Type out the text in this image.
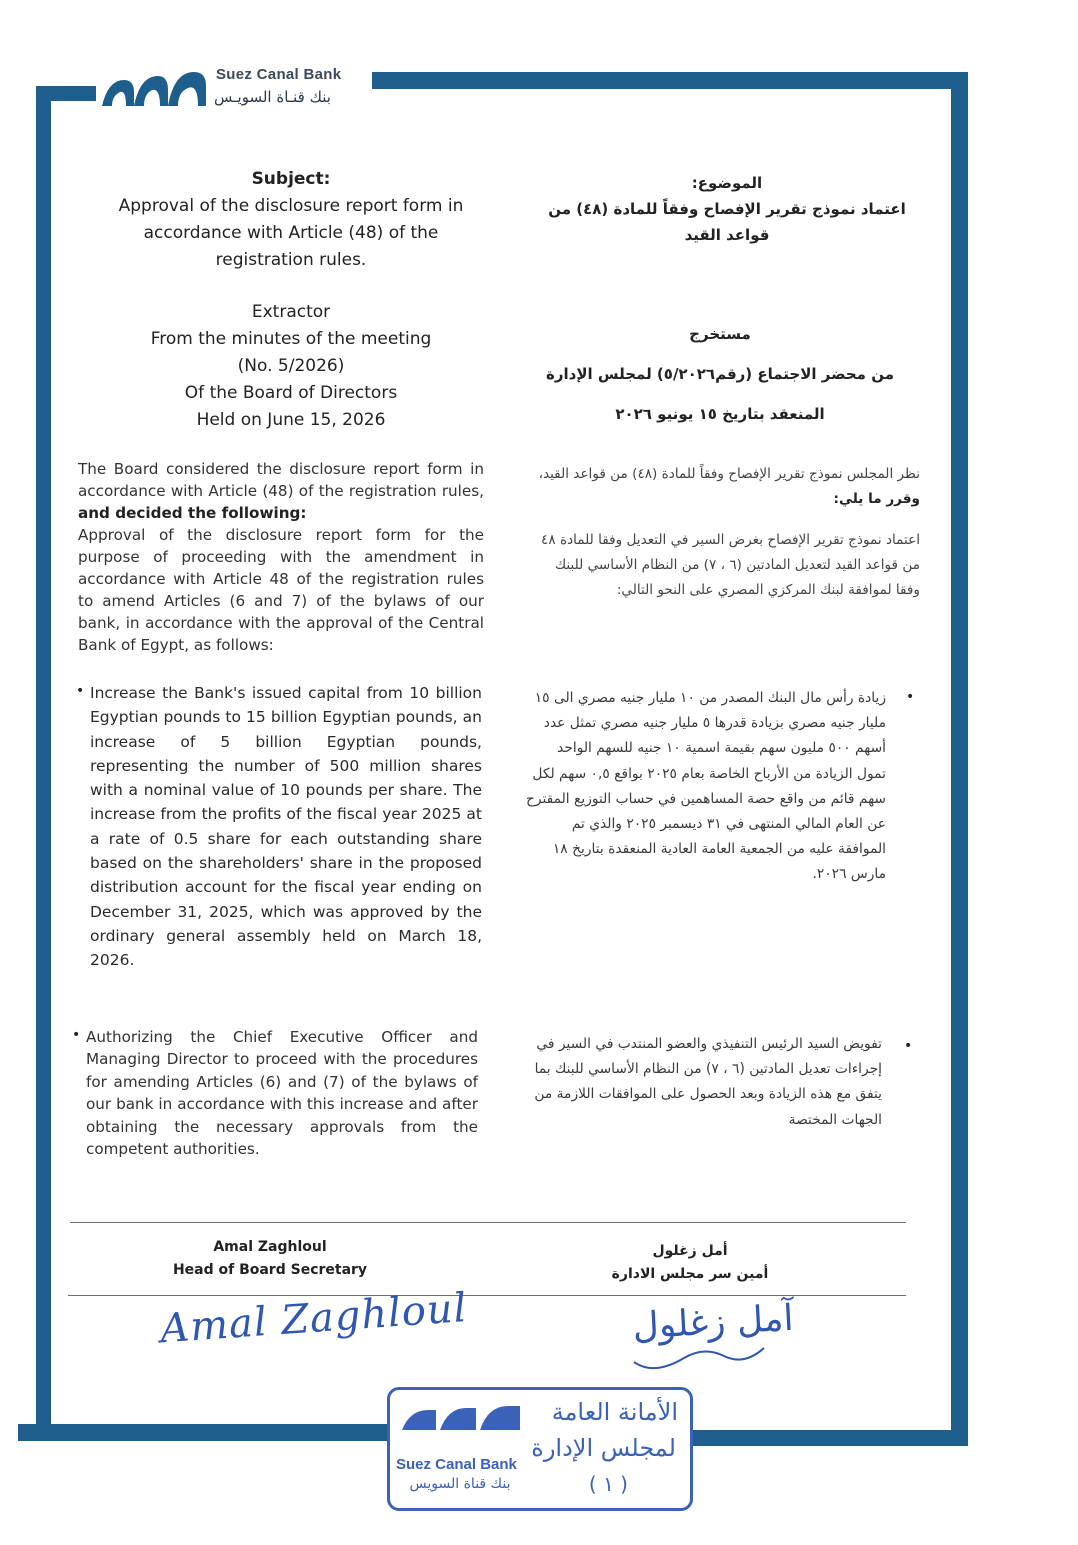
Suez Canal Bank
بنك قنـاة السويـس
Subject:
Approval of the disclosure report form in
accordance with Article (48) of the
registration rules.
الموضوع:
اعتماد نموذج تقرير الإفصاح وفقاً للمادة (٤٨) من
قواعد القيد
Extractor
From the minutes of the meeting
(No. 5/2026)
Of the Board of Directors
Held on June 15, 2026
مستخرج
من محضر الاجتماع (رقم٥/٢٠٢٦) لمجلس الإدارة
المنعقد بتاريخ ١٥ يونيو ٢٠٢٦
The Board considered the disclosure report form in accordance with Article (48) of the registration rules, and decided the following:
Approval of the disclosure report form for the purpose of proceeding with the amendment in accordance with Article 48 of the registration rules to amend Articles (6 and 7) of the bylaws of our bank, in accordance with the approval of the Central Bank of Egypt, as follows:
نظر المجلس نموذج تقرير الإفصاح وفقاً للمادة (٤٨) من قواعد القيد، وقرر ما يلي:
اعتماد نموذج تقرير الإفصاح بغرض السير في التعديل وفقا للمادة ٤٨ من قواعد القيد لتعديل المادتين (٦ ، ٧) من النظام الأساسي للبنك وفقا لموافقة لبنك المركزي المصري على النحو التالي:
• Increase the Bank's issued capital from 10 billion Egyptian pounds to 15 billion Egyptian pounds, an increase of 5 billion Egyptian pounds, representing the number of 500 million shares with a nominal value of 10 pounds per share. The increase from the profits of the fiscal year 2025 at a rate of 0.5 share for each outstanding share based on the shareholders' share in the proposed distribution account for the fiscal year ending on December 31, 2025, which was approved by the ordinary general assembly held on March 18, 2026.
•
زيادة رأس مال البنك المصدر من ١٠ مليار جنيه مصري الى ١٥ مليار جنيه مصري بزيادة قدرها ٥ مليار جنيه مصري تمثل عدد أسهم ٥٠٠ مليون سهم بقيمة اسمية ١٠ جنيه للسهم الواحد تمول الزيادة من الأرباح الخاصة بعام ٢٠٢٥ بواقع ٠,٥ سهم لكل سهم قائم من واقع حصة المساهمين في حساب التوزيع المقترح عن العام المالي المنتهى في ٣١ ديسمبر ٢٠٢٥ والذي تم الموافقة عليه من الجمعية العامة العادية المنعقدة بتاريخ ١٨ مارس ٢٠٢٦.
• Authorizing the Chief Executive Officer and Managing Director to proceed with the procedures for amending Articles (6) and (7) of the bylaws of our bank in accordance with this increase and after obtaining the necessary approvals from the competent authorities.
•
تفويض السيد الرئيس التنفيذي والعضو المنتدب في السير في إجراءات تعديل المادتين (٦ ، ٧) من النظام الأساسي للبنك بما يتفق مع هذه الزيادة وبعد الحصول على الموافقات اللازمة من الجهات المختصة
Amal Zaghloul
Head of Board Secretary
أمل زغلول
أمين سر مجلس الادارة
Amal Zaghloul	آمل زغلول
الأمانة العامة
لمجلس الإدارة
( ١ )
Suez Canal Bank
بنك قناة السويس
